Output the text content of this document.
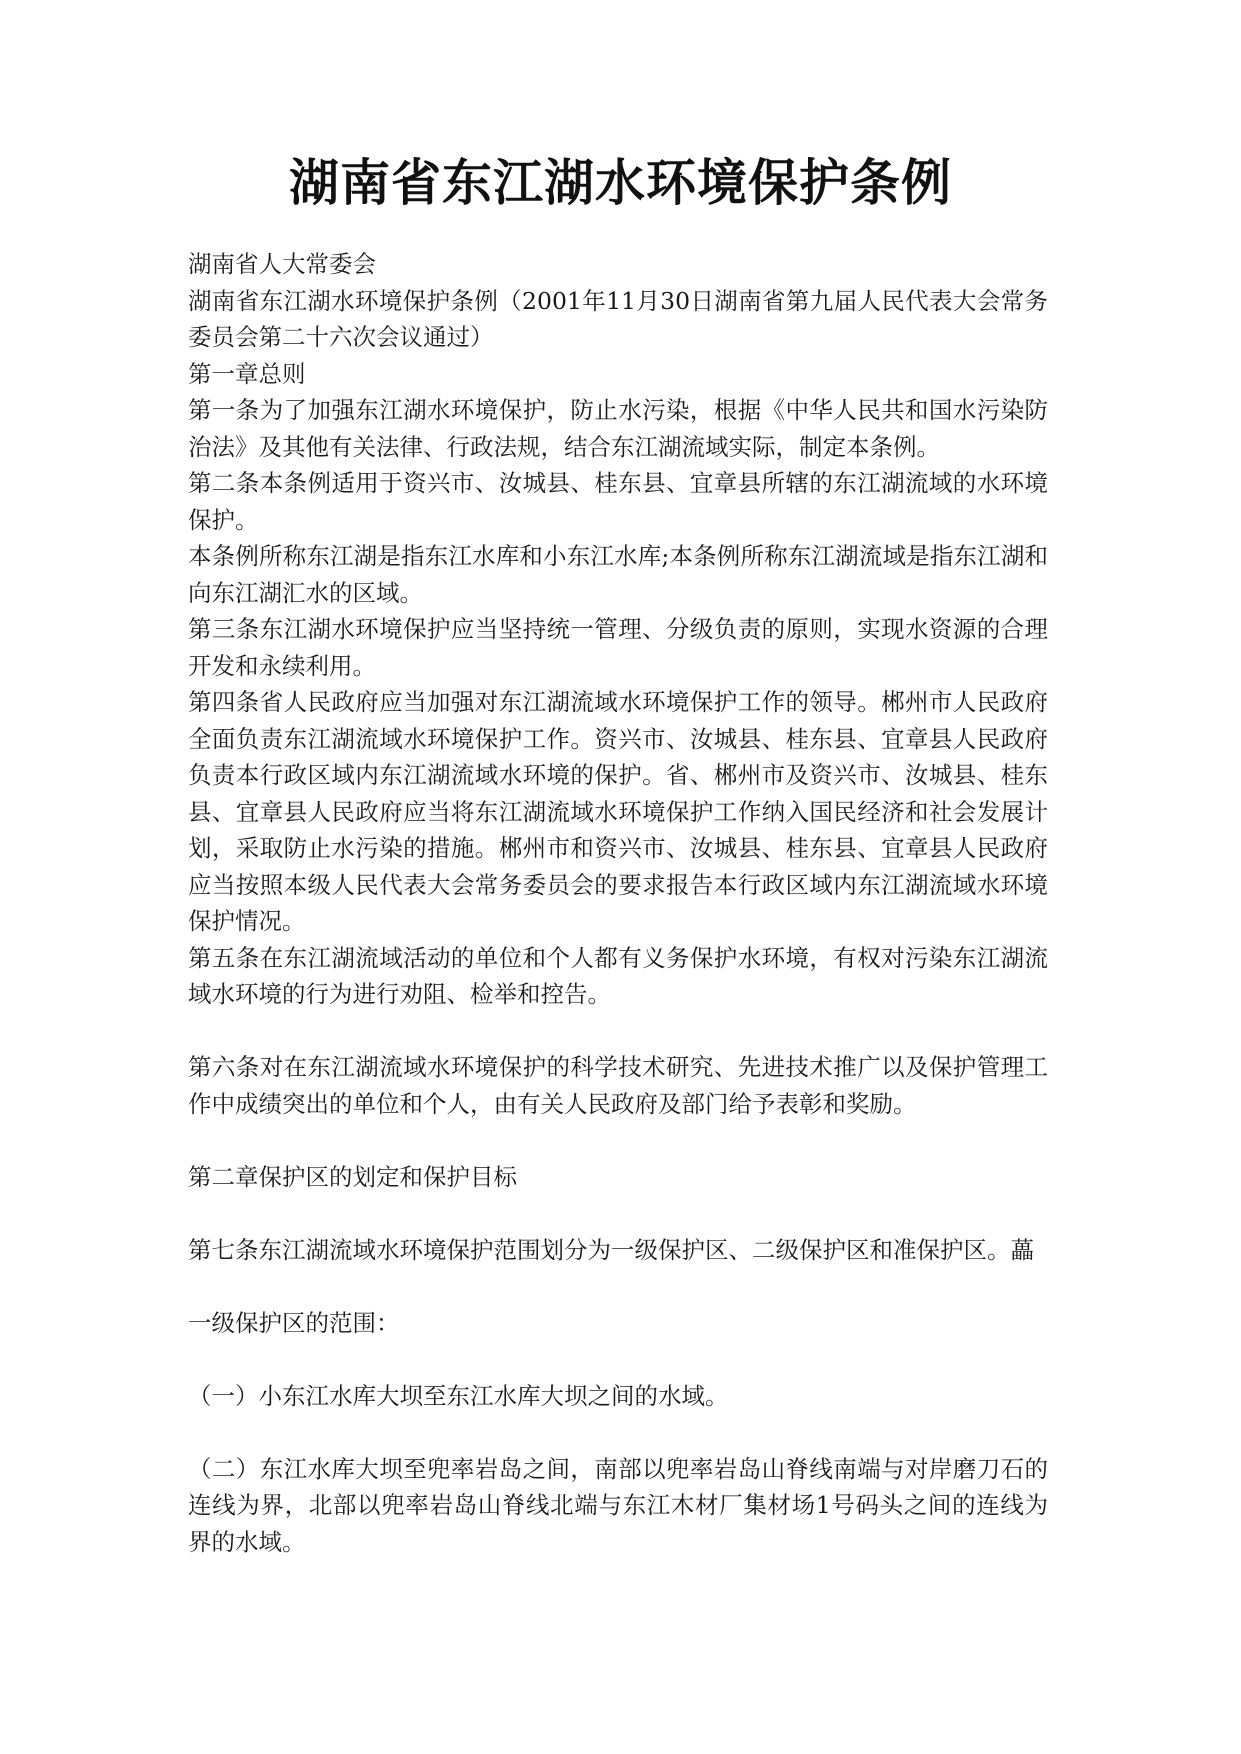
湖南省东江湖水环境保护条例

湖南省人大常委会

湖南省东江湖水环境保护条例（2001年11月30日湖南省第九届人民代表大会常务委员会第二十六次会议通过）

第一章总则

第一条为了加强东江湖水环境保护，防止水污染，根据《中华人民共和国水污染防治法》及其他有关法律、行政法规，结合东江湖流域实际，制定本条例。

第二条本条例适用于资兴市、汝城县、桂东县、宜章县所辖的东江湖流域的水环境保护。

本条例所称东江湖是指东江水库和小东江水库;本条例所称东江湖流域是指东江湖和向东江湖汇水的区域。

第三条东江湖水环境保护应当坚持统一管理、分级负责的原则，实现水资源的合理开发和永续利用。

第四条省人民政府应当加强对东江湖流域水环境保护工作的领导。郴州市人民政府全面负责东江湖流域水环境保护工作。资兴市、汝城县、桂东县、宜章县人民政府负责本行政区域内东江湖流域水环境的保护。省、郴州市及资兴市、汝城县、桂东县、宜章县人民政府应当将东江湖流域水环境保护工作纳入国民经济和社会发展计划，采取防止水污染的措施。郴州市和资兴市、汝城县、桂东县、宜章县人民政府应当按照本级人民代表大会常务委员会的要求报告本行政区域内东江湖流域水环境保护情况。

第五条在东江湖流域活动的单位和个人都有义务保护水环境，有权对污染东江湖流域水环境的行为进行劝阻、检举和控告。

第六条对在东江湖流域水环境保护的科学技术研究、先进技术推广以及保护管理工作中成绩突出的单位和个人，由有关人民政府及部门给予表彰和奖励。

第二章保护区的划定和保护目标

第七条东江湖流域水环境保护范围划分为一级保护区、二级保护区和准保护区。藟

一级保护区的范围：

（一）小东江水库大坝至东江水库大坝之间的水域。

（二）东江水库大坝至兜率岩岛之间，南部以兜率岩岛山脊线南端与对岸磨刀石的连线为界，北部以兜率岩岛山脊线北端与东江木材厂集材场1号码头之间的连线为界的水域。
